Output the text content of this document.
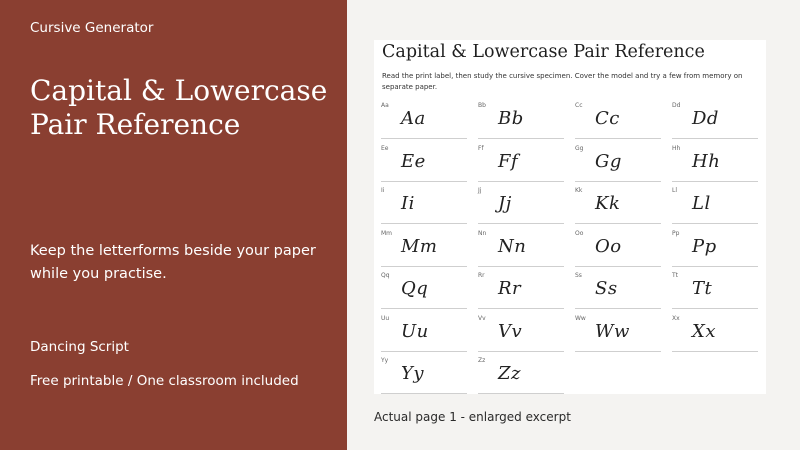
Cursive Generator
Capital & Lowercase Pair Reference
Keep the letterforms beside your paper while you practise.
Dancing Script
Free printable / One classroom included
Capital & Lowercase Pair Reference
Read the print label, then study the cursive specimen. Cover the model and try a few from memory on separate paper.
Aa
Aa
Bb
Bb
Cc
Cc
Dd
Dd
Ee
Ee
Ff
Ff
Gg
Gg
Hh
Hh
Ii
Ii
Jj
Jj
Kk
Kk
Ll
Ll
Mm
Mm
Nn
Nn
Oo
Oo
Pp
Pp
Qq
Qq
Rr
Rr
Ss
Ss
Tt
Tt
Uu
Uu
Vv
Vv
Ww
Ww
Xx
Xx
Yy
Yy
Zz
Zz
Actual page 1 - enlarged excerpt
